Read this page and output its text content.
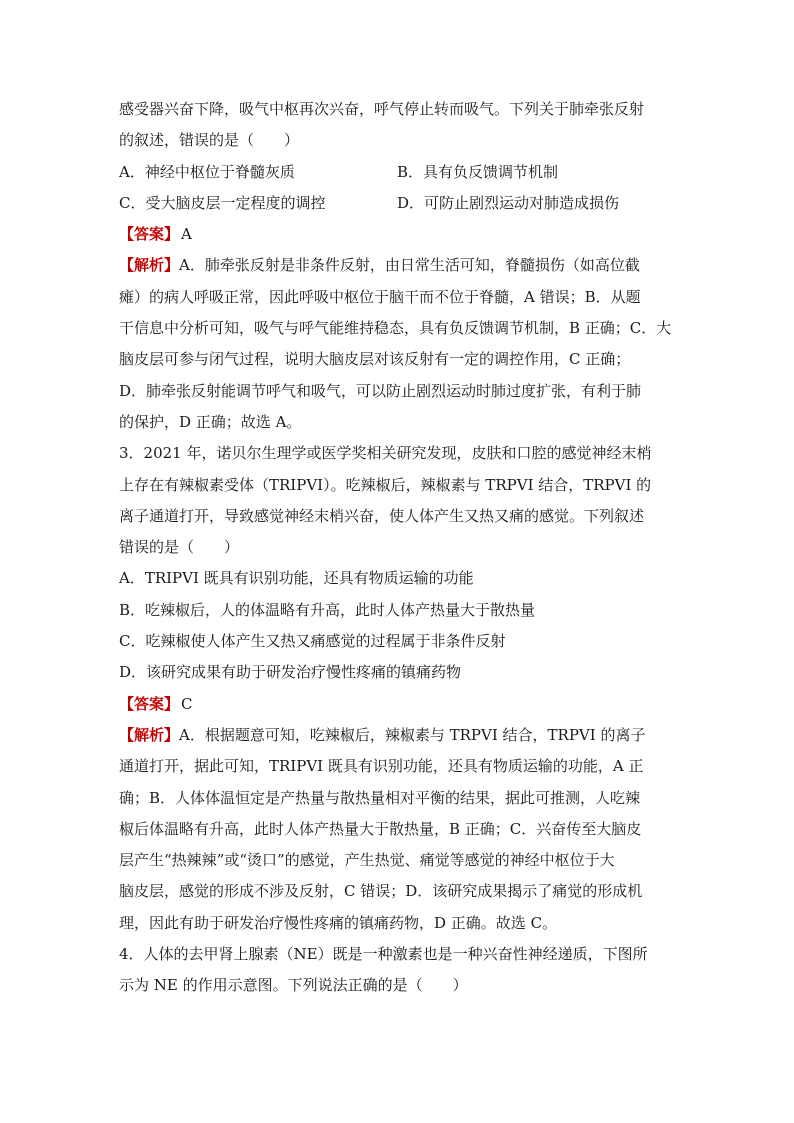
感受器兴奋下降，吸气中枢再次兴奋，呼气停止转而吸气。下列关于肺牵张反射
的叙述，错误的是（　　）
A．神经中枢位于脊髓灰质	B．具有负反馈调节机制
C．受大脑皮层一定程度的调控	D．可防止剧烈运动对肺造成损伤
【答案】 A
【解析】A．肺牵张反射是非条件反射，由日常生活可知，脊髓损伤（如高位截
瘫）的病人呼吸正常，因此呼吸中枢位于脑干而不位于脊髓，A 错误；B．从题
干信息中分析可知，吸气与呼气能维持稳态，具有负反馈调节机制，B 正确；C．大
脑皮层可参与闭气过程，说明大脑皮层对该反射有一定的调控作用，C 正确；
D．肺牵张反射能调节呼气和吸气，可以防止剧烈运动时肺过度扩张，有利于肺
的保护，D 正确；故选 A。
3．2021 年，诺贝尔生理学或医学奖相关研究发现，皮肤和口腔的感觉神经末梢
上存在有辣椒素受体（TRIPVI）。吃辣椒后，辣椒素与 TRPVI 结合，TRPVI 的
离子通道打开，导致感觉神经末梢兴奋，使人体产生又热又痛的感觉。下列叙述
错误的是（　　）
A．TRIPVI 既具有识别功能，还具有物质运输的功能
B．吃辣椒后，人的体温略有升高，此时人体产热量大于散热量
C．吃辣椒使人体产生又热又痛感觉的过程属于非条件反射
D．该研究成果有助于研发治疗慢性疼痛的镇痛药物
【答案】 C
【解析】A．根据题意可知，吃辣椒后，辣椒素与 TRPVI 结合，TRPVI 的离子
通道打开，据此可知，TRIPVI 既具有识别功能，还具有物质运输的功能，A 正
确；B．人体体温恒定是产热量与散热量相对平衡的结果，据此可推测，人吃辣
椒后体温略有升高，此时人体产热量大于散热量，B 正确；C．兴奋传至大脑皮
层产生“热辣辣”或“烫口”的感觉，产生热觉、痛觉等感觉的神经中枢位于大
脑皮层，感觉的形成不涉及反射，C 错误；D．该研究成果揭示了痛觉的形成机
理，因此有助于研发治疗慢性疼痛的镇痛药物，D 正确。故选 C。
4．人体的去甲肾上腺素（NE）既是一种激素也是一种兴奋性神经递质，下图所
示为 NE 的作用示意图。下列说法正确的是（　　）
